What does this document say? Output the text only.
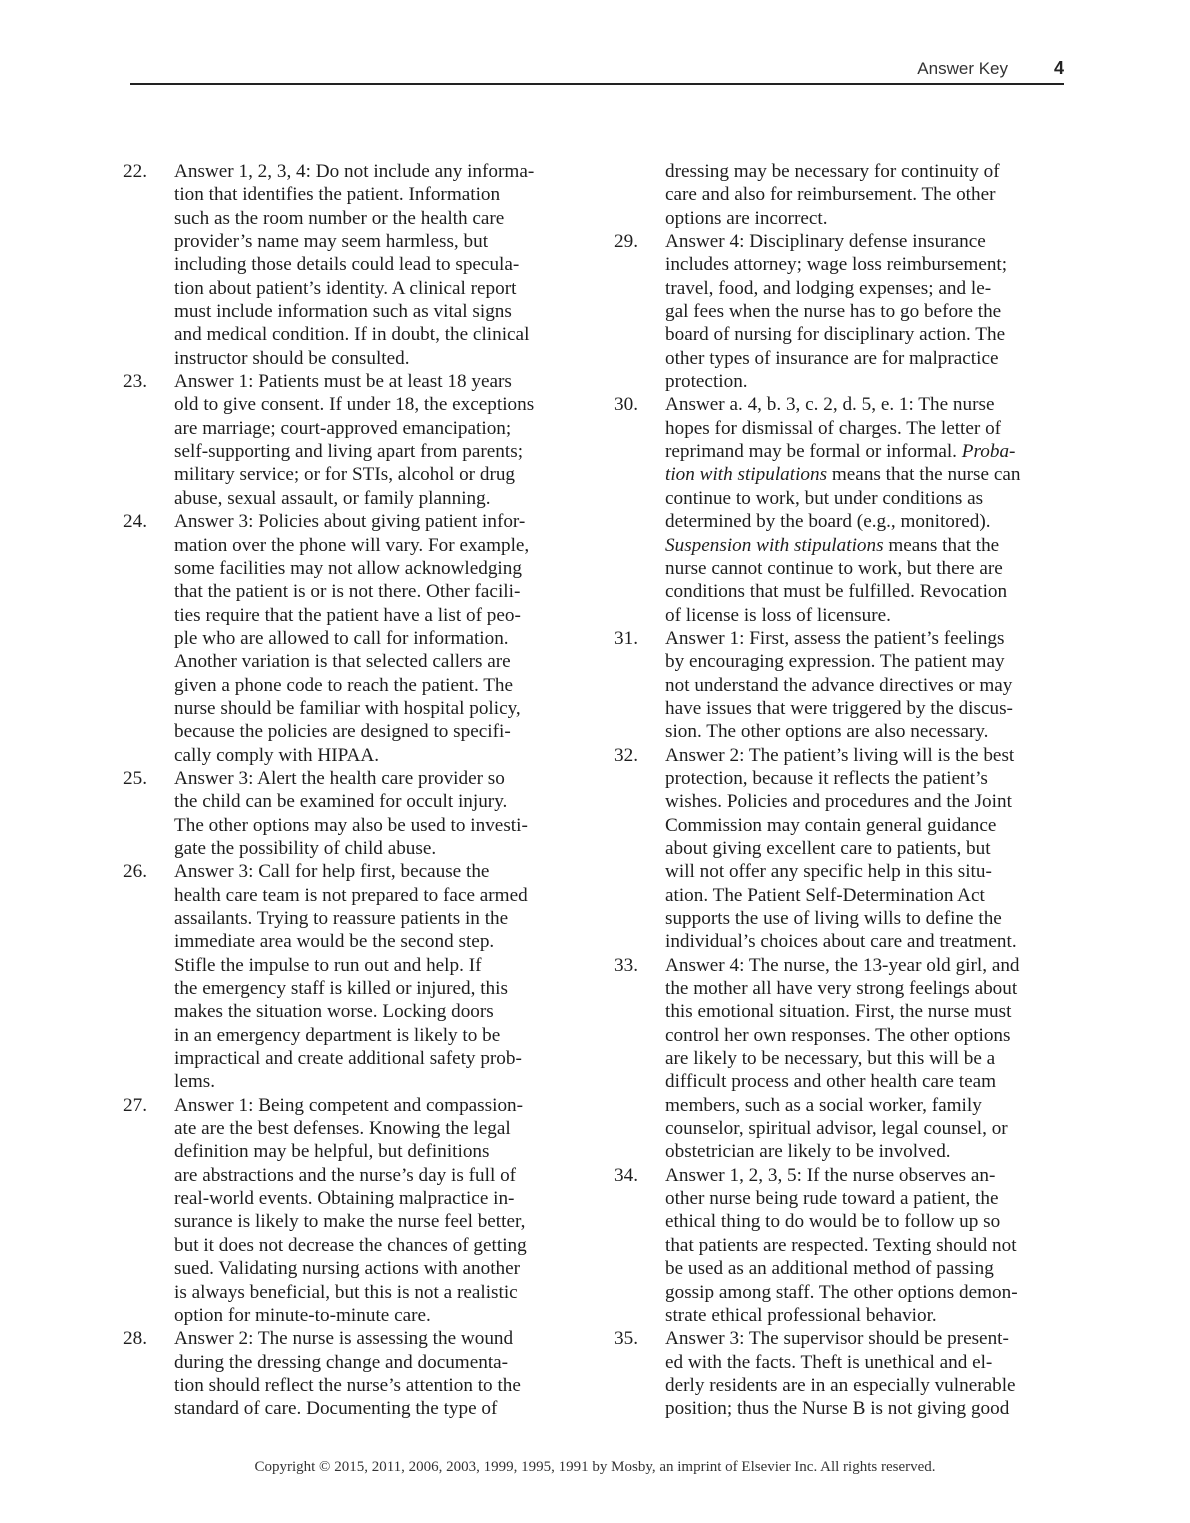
Answer Key	4
22. Answer 1, 2, 3, 4: Do not include any informa-
tion that identifies the patient. Information
such as the room number or the health care
provider’s name may seem harmless, but
including those details could lead to specula-
tion about patient’s identity. A clinical report
must include information such as vital signs
and medical condition. If in doubt, the clinical
instructor should be consulted.
23. Answer 1: Patients must be at least 18 years
old to give consent. If under 18, the exceptions
are marriage; court-approved emancipation;
self-supporting and living apart from parents;
military service; or for STIs, alcohol or drug
abuse, sexual assault, or family planning.
24. Answer 3: Policies about giving patient infor-
mation over the phone will vary. For example,
some facilities may not allow acknowledging
that the patient is or is not there. Other facili-
ties require that the patient have a list of peo-
ple who are allowed to call for information.
Another variation is that selected callers are
given a phone code to reach the patient. The
nurse should be familiar with hospital policy,
because the policies are designed to specifi-
cally comply with HIPAA.
25. Answer 3: Alert the health care provider so
the child can be examined for occult injury.
The other options may also be used to investi-
gate the possibility of child abuse.
26. Answer 3: Call for help first, because the
health care team is not prepared to face armed
assailants. Trying to reassure patients in the
immediate area would be the second step.
Stifle the impulse to run out and help. If
the emergency staff is killed or injured, this
makes the situation worse. Locking doors
in an emergency department is likely to be
impractical and create additional safety prob-
lems.
27. Answer 1: Being competent and compassion-
ate are the best defenses. Knowing the legal
definition may be helpful, but definitions
are abstractions and the nurse’s day is full of
real-world events. Obtaining malpractice in-
surance is likely to make the nurse feel better,
but it does not decrease the chances of getting
sued. Validating nursing actions with another
is always beneficial, but this is not a realistic
option for minute-to-minute care.
28. Answer 2: The nurse is assessing the wound
during the dressing change and documenta-
tion should reflect the nurse’s attention to the
standard of care. Documenting the type of
dressing may be necessary for continuity of
care and also for reimbursement. The other
options are incorrect.
29. Answer 4: Disciplinary defense insurance
includes attorney; wage loss reimbursement;
travel, food, and lodging expenses; and le-
gal fees when the nurse has to go before the
board of nursing for disciplinary action. The
other types of insurance are for malpractice
protection.
30. Answer a. 4, b. 3, c. 2, d. 5, e. 1: The nurse
hopes for dismissal of charges. The letter of
reprimand may be formal or informal. Proba-
tion with stipulations means that the nurse can
continue to work, but under conditions as
determined by the board (e.g., monitored).
Suspension with stipulations means that the
nurse cannot continue to work, but there are
conditions that must be fulfilled. Revocation
of license is loss of licensure.
31. Answer 1: First, assess the patient’s feelings
by encouraging expression. The patient may
not understand the advance directives or may
have issues that were triggered by the discus-
sion. The other options are also necessary.
32. Answer 2: The patient’s living will is the best
protection, because it reflects the patient’s
wishes. Policies and procedures and the Joint
Commission may contain general guidance
about giving excellent care to patients, but
will not offer any specific help in this situ-
ation. The Patient Self-Determination Act
supports the use of living wills to define the
individual’s choices about care and treatment.
33. Answer 4: The nurse, the 13-year old girl, and
the mother all have very strong feelings about
this emotional situation. First, the nurse must
control her own responses. The other options
are likely to be necessary, but this will be a
difficult process and other health care team
members, such as a social worker, family
counselor, spiritual advisor, legal counsel, or
obstetrician are likely to be involved.
34. Answer 1, 2, 3, 5: If the nurse observes an-
other nurse being rude toward a patient, the
ethical thing to do would be to follow up so
that patients are respected. Texting should not
be used as an additional method of passing
gossip among staff. The other options demon-
strate ethical professional behavior.
35. Answer 3: The supervisor should be present-
ed with the facts. Theft is unethical and el-
derly residents are in an especially vulnerable
position; thus the Nurse B is not giving good
Copyright © 2015, 2011, 2006, 2003, 1999, 1995, 1991 by Mosby, an imprint of Elsevier Inc. All rights reserved.
